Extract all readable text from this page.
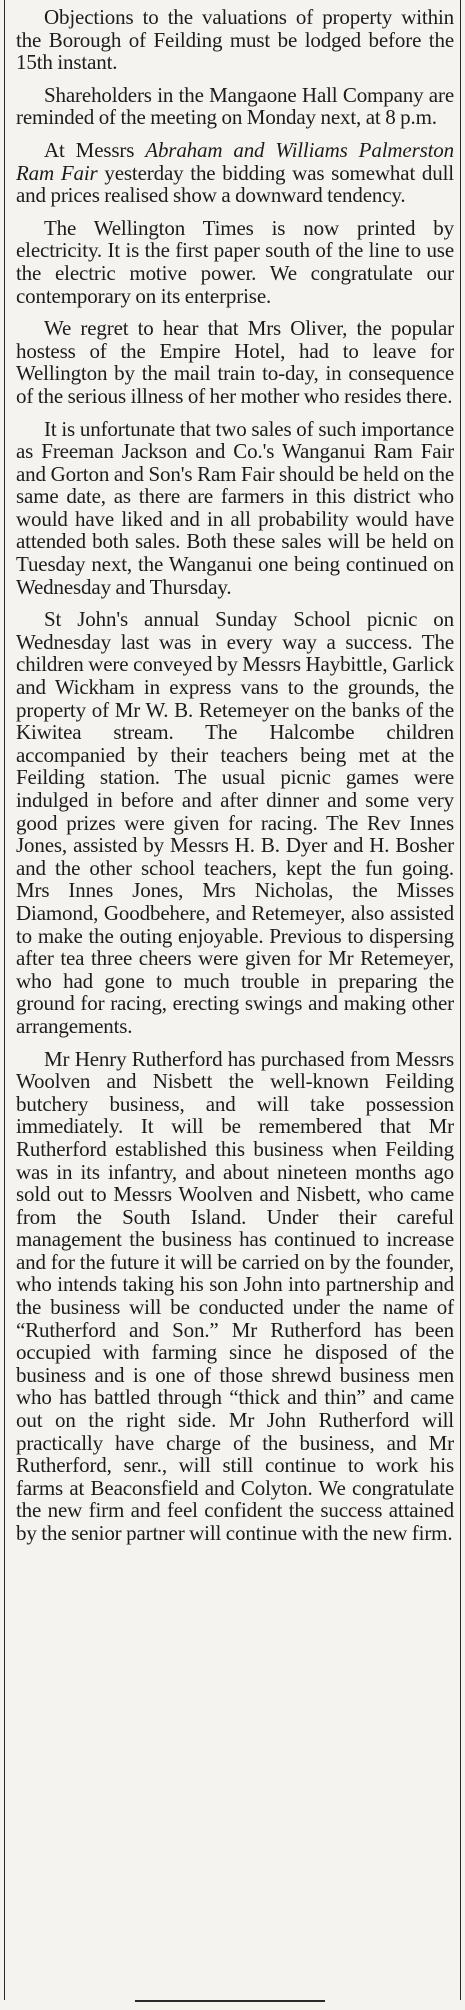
Objections to the valuations of property within the Borough of Feilding must be lodged before the 15th instant.

Shareholders in the Mangaone Hall Company are reminded of the meeting on Monday next, at 8 p.m.

At Messrs Abraham and Williams Palmerston Ram Fair yesterday the bidding was somewhat dull and prices realised show a downward tendency.

The Wellington Times is now printed by electricity. It is the first paper south of the line to use the electric motive power. We congratulate our contemporary on its enterprise.

We regret to hear that Mrs Oliver, the popular hostess of the Empire Hotel, had to leave for Wellington by the mail train to-day, in consequence of the serious illness of her mother who resides there.

It is unfortunate that two sales of such importance as Freeman Jackson and Co.'s Wanganui Ram Fair and Gorton and Son's Ram Fair should be held on the same date, as there are farmers in this district who would have liked and in all probability would have attended both sales. Both these sales will be held on Tuesday next, the Wanganui one being continued on Wednesday and Thursday.

St John's annual Sunday School picnic on Wednesday last was in every way a success. The children were conveyed by Messrs Haybittle, Garlick and Wickham in express vans to the grounds, the property of Mr W. B. Retemeyer on the banks of the Kiwitea stream. The Halcombe children accompanied by their teachers being met at the Feilding station. The usual picnic games were indulged in before and after dinner and some very good prizes were given for racing. The Rev Innes Jones, assisted by Messrs H. B. Dyer and H. Bosher and the other school teachers, kept the fun going. Mrs Innes Jones, Mrs Nicholas, the Misses Diamond, Goodbehere, and Retemeyer, also assisted to make the outing enjoyable. Previous to dispersing after tea three cheers were given for Mr Retemeyer, who had gone to much trouble in preparing the ground for racing, erecting swings and making other arrangements.

Mr Henry Rutherford has purchased from Messrs Woolven and Nisbett the well-known Feilding butchery business, and will take possession immediately. It will be remembered that Mr Rutherford established this business when Feilding was in its infantry, and about nineteen months ago sold out to Messrs Woolven and Nisbett, who came from the South Island. Under their careful management the business has continued to increase and for the future it will be carried on by the founder, who intends taking his son John into partnership and the business will be conducted under the name of “Rutherford and Son.” Mr Rutherford has been occupied with farming since he disposed of the business and is one of those shrewd business men who has battled through “thick and thin” and came out on the right side. Mr John Rutherford will practically have charge of the business, and Mr Rutherford, senr., will still continue to work his farms at Beaconsfield and Colyton. We congratulate the new firm and feel confident the success attained by the senior partner will continue with the new firm.
